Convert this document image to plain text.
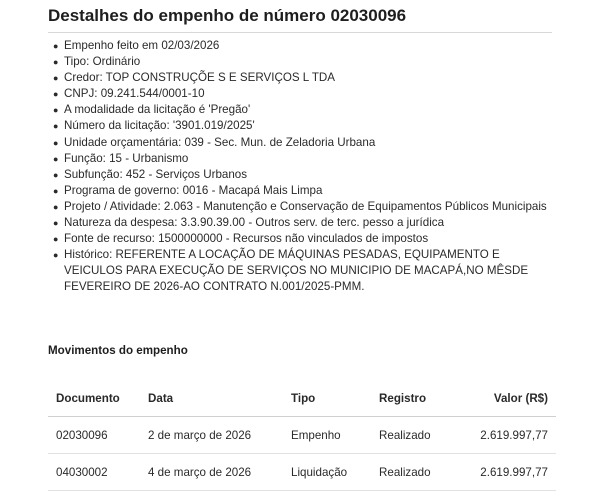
Destalhes do empenho de número 02030096
● Empenho feito em 02/03/2026
● Tipo: Ordinário
● Credor: TOP CONSTRUÇÕE S E SERVIÇOS L TDA
● CNPJ: 09.241.544/0001-10
● A modalidade da licitação é 'Pregão'
● Número da licitação: '3901.019/2025'
● Unidade orçamentária: 039 - Sec. Mun. de Zeladoria Urbana
● Função: 15 - Urbanismo
● Subfunção: 452 - Serviços Urbanos
● Programa de governo: 0016 - Macapá Mais Limpa
● Projeto / Atividade: 2.063 - Manutenção e Conservação de Equipamentos Públicos Municipais
● Natureza da despesa: 3.3.90.39.00 - Outros serv. de terc. pesso a jurídica
● Fonte de recurso: 1500000000 - Recursos não vinculados de impostos
● Histórico: REFERENTE A LOCAÇÃO DE MÁQUINAS PESADAS, EQUIPAMENTO E VEICULOS PARA EXECUÇÃO DE SERVIÇOS NO MUNICIPIO DE MACAPÁ,NO MÊSDE FEVEREIRO DE 2026-AO CONTRATO N.001/2025-PMM.
Movimentos do empenho
Documento	Data	Tipo	Registro	Valor (R$)
02030096	2 de março de 2026	Empenho	Realizado	2.619.997,77
04030002	4 de março de 2026	Liquidação	Realizado	2.619.997,77
